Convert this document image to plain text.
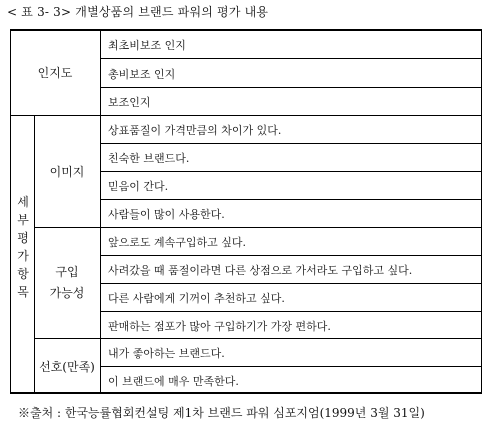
< 표 3- 3> 개별상품의 브랜드 파워의 평가 내용
인지도
최초비보조 인지
총비보조 인지
보조인지
세
부
평
가
항
목
이미지
상표품질이 가격만큼의 차이가 있다.
친숙한 브랜드다.
믿음이 간다.
사람들이 많이 사용한다.
구입
가능성
앞으로도 계속구입하고 싶다.
사려갔을 때 품절이라면 다른 상점으로 가서라도 구입하고 싶다.
다른 사람에게 기꺼이 추천하고 싶다.
판매하는 점포가 많아 구입하기가 가장 편하다.
선호(만족)
내가 좋아하는 브랜드다.
이 브랜드에 매우 만족한다.
※출처 : 한국능률협회컨설팅 제1차 브랜드 파워 심포지엄(1999년 3월 31일)
